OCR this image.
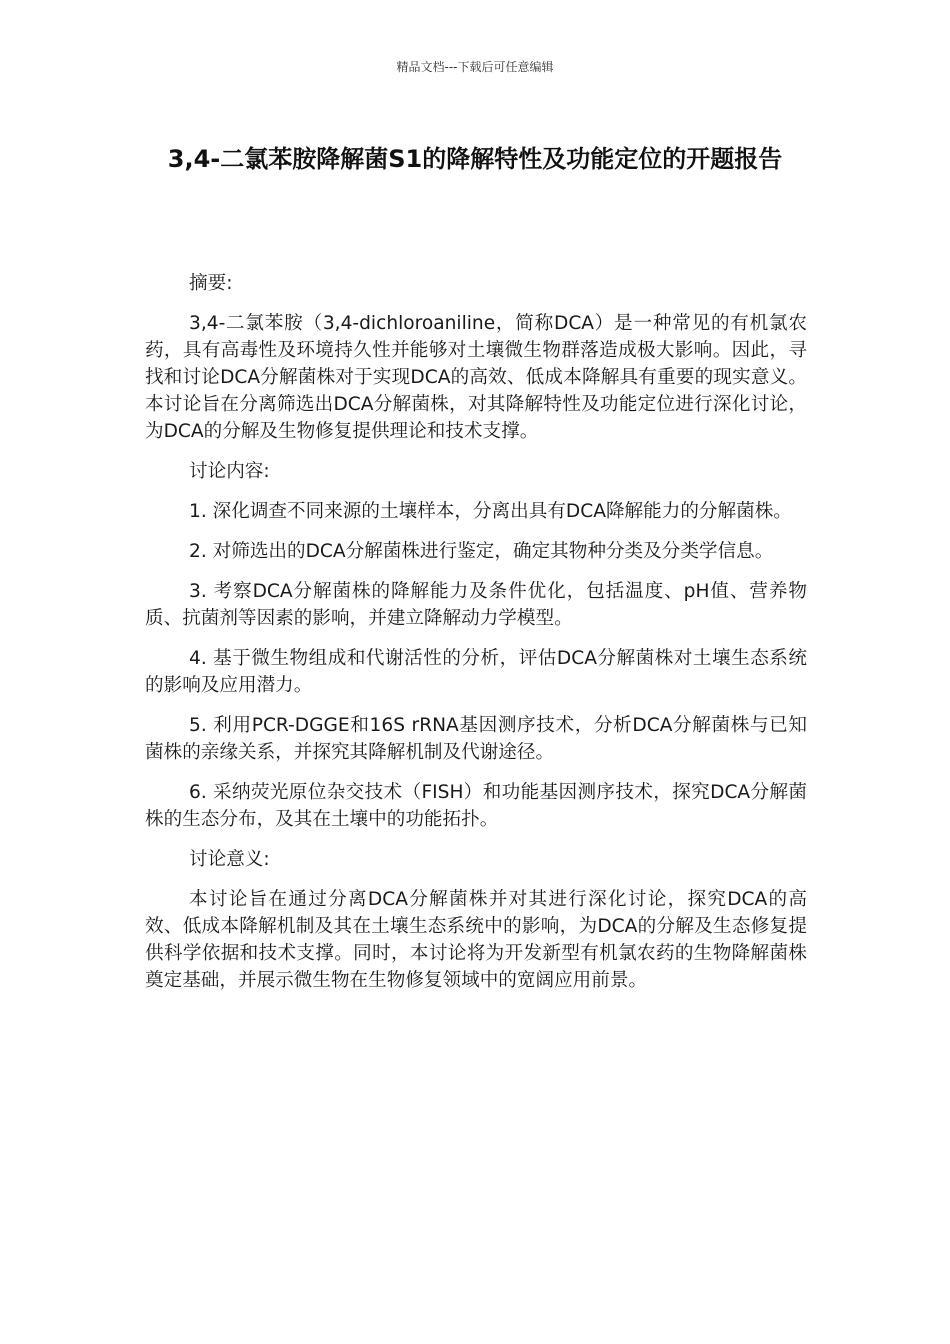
精品文档---下载后可任意编辑
3,4-二氯苯胺降解菌S1的降解特性及功能定位的开题报告

摘要:

3,4-二氯苯胺（3,4-dichloroaniline，简称DCA）是一种常见的有机氯农药，具有高毒性及环境持久性并能够对土壤微生物群落造成极大影响。因此，寻找和讨论DCA分解菌株对于实现DCA的高效、低成本降解具有重要的现实意义。本讨论旨在分离筛选出DCA分解菌株，对其降解特性及功能定位进行深化讨论，为DCA的分解及生物修复提供理论和技术支撑。

讨论内容:

1. 深化调查不同来源的土壤样本，分离出具有DCA降解能力的分解菌株。

2. 对筛选出的DCA分解菌株进行鉴定，确定其物种分类及分类学信息。

3. 考察DCA分解菌株的降解能力及条件优化，包括温度、pH值、营养物质、抗菌剂等因素的影响，并建立降解动力学模型。

4. 基于微生物组成和代谢活性的分析，评估DCA分解菌株对土壤生态系统的影响及应用潜力。

5. 利用PCR-DGGE和16S rRNA基因测序技术，分析DCA分解菌株与已知菌株的亲缘关系，并探究其降解机制及代谢途径。

6. 采纳荧光原位杂交技术（FISH）和功能基因测序技术，探究DCA分解菌株的生态分布，及其在土壤中的功能拓扑。

讨论意义:

本讨论旨在通过分离DCA分解菌株并对其进行深化讨论，探究DCA的高效、低成本降解机制及其在土壤生态系统中的影响，为DCA的分解及生态修复提供科学依据和技术支撑。同时，本讨论将为开发新型有机氯农药的生物降解菌株奠定基础，并展示微生物在生物修复领域中的宽阔应用前景。
